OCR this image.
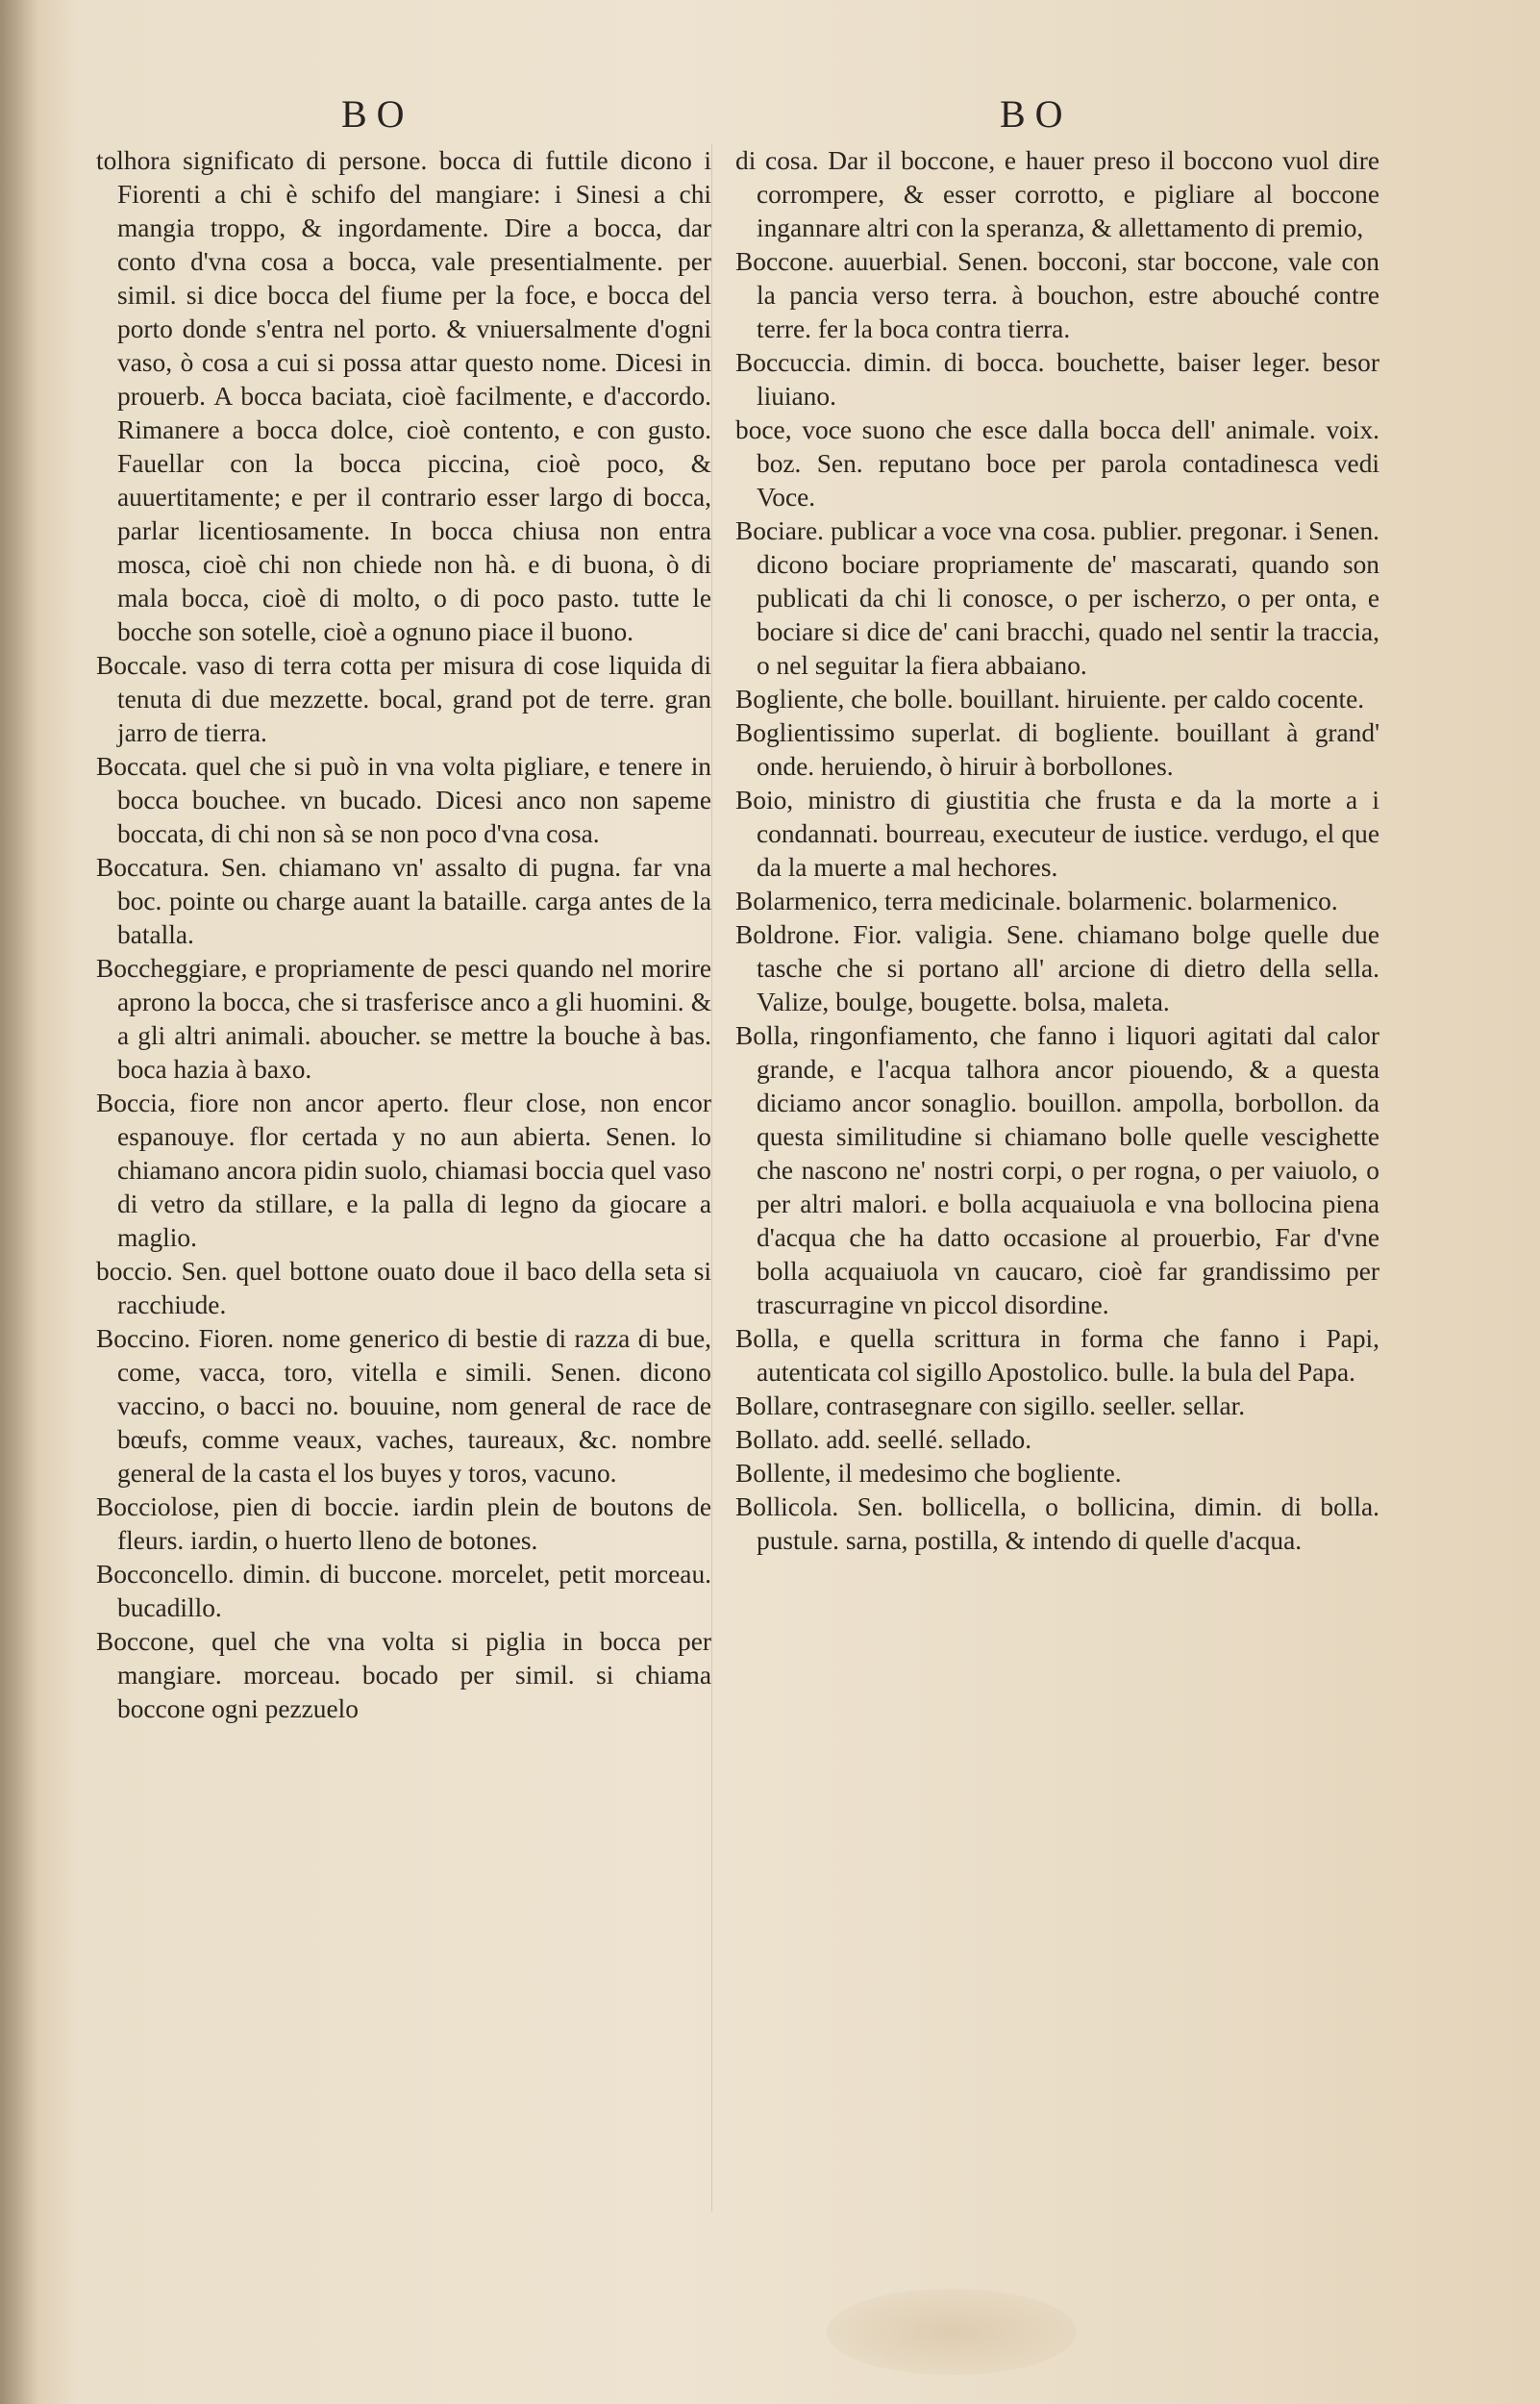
BO	BO

tolhora significato di persone. bocca di futtile dicono i Fiorenti a chi è schifo del mangiare: i Sinesi a chi mangia troppo, & ingordamente. Dire a bocca, dar conto d'vna cosa a bocca, vale presentialmente. per simil. si dice bocca del fiume per la foce, e bocca del porto donde s'entra nel porto. & vniuersalmente d'ogni vaso, ò cosa a cui si possa attar questo nome. Dicesi in prouerb. A bocca baciata, cioè facilmente, e d'accordo. Rimanere a bocca dolce, cioè contento, e con gusto. Fauellar con la bocca piccina, cioè poco, & auuertitamente; e per il contrario esser largo di bocca, parlar licentiosamente. In bocca chiusa non entra mosca, cioè chi non chiede non hà. e di buona, ò di mala bocca, cioè di molto, o di poco pasto. tutte le bocche son sotelle, cioè a ognuno piace il buono.

Boccale. vaso di terra cotta per misura di cose liquida di tenuta di due mezzette. bocal, grand pot de terre. gran jarro de tierra.

Boccata. quel che si può in vna volta pigliare, e tenere in bocca bouchee. vn bucado. Dicesi anco non sapeme boccata, di chi non sà se non poco d'vna cosa.

Boccatura. Sen. chiamano vn' assalto di pugna. far vna boc. pointe ou charge auant la bataille. carga antes de la batalla.

Boccheggiare, e propriamente de pesci quando nel morire aprono la bocca, che si trasferisce anco a gli huomini. & a gli altri animali. aboucher. se mettre la bouche à bas. boca hazia à baxo.

Boccia, fiore non ancor aperto. fleur close, non encor espanouye. flor certada y no aun abierta. Senen. lo chiamano ancora pidin suolo, chiamasi boccia quel vaso di vetro da stillare, e la palla di legno da giocare a maglio.

boccio. Sen. quel bottone ouato doue il baco della seta si racchiude.

Boccino. Fioren. nome generico di bestie di razza di bue, come, vacca, toro, vitella e simili. Senen. dicono vaccino, o bacci no. bouuine, nom general de race de bœufs, comme veaux, vaches, taureaux, &c. nombre general de la casta el los buyes y toros, vacuno.

Bocciolose, pien di boccie. iardin plein de boutons de fleurs. iardin, o huerto lleno de botones.

Bocconcello. dimin. di buccone. morcelet, petit morceau. bucadillo.

Boccone, quel che vna volta si piglia in bocca per mangiare. morceau. bocado per simil. si chiama boccone ogni pezzuelo

di cosa. Dar il boccone, e hauer preso il boccono vuol dire corrompere, & esser corrotto, e pigliare al boccone ingannare altri con la speranza, & allettamento di premio,

Boccone. auuerbial. Senen. bocconi, star boccone, vale con la pancia verso terra. à bouchon, estre abouché contre terre. fer la boca contra tierra.

Boccuccia. dimin. di bocca. bouchette, baiser leger. besor liuiano.

boce, voce suono che esce dalla bocca dell' animale. voix. boz. Sen. reputano boce per parola contadinesca vedi Voce.

Bociare. publicar a voce vna cosa. publier. pregonar. i Senen. dicono bociare propriamente de' mascarati, quando son publicati da chi li conosce, o per ischerzo, o per onta, e bociare si dice de' cani bracchi, quado nel sentir la traccia, o nel seguitar la fiera abbaiano.

Bogliente, che bolle. bouillant. hiruiente. per caldo cocente.

Boglientissimo superlat. di bogliente. bouillant à grand' onde. heruiendo, ò hiruir à borbollones.

Boio, ministro di giustitia che frusta e da la morte a i condannati. bourreau, executeur de iustice. verdugo, el que da la muerte a mal hechores.

Bolarmenico, terra medicinale. bolarmenic. bolarmenico.

Boldrone. Fior. valigia. Sene. chiamano bolge quelle due tasche che si portano all' arcione di dietro della sella. Valize, boulge, bougette. bolsa, maleta.

Bolla, ringonfiamento, che fanno i liquori agitati dal calor grande, e l'acqua talhora ancor piouendo, & a questa diciamo ancor sonaglio. bouillon. ampolla, borbollon. da questa similitudine si chiamano bolle quelle vescighette che nascono ne' nostri corpi, o per rogna, o per vaiuolo, o per altri malori. e bolla acquaiuola e vna bollocina piena d'acqua che ha datto occasione al prouerbio, Far d'vne bolla acquaiuola vn caucaro, cioè far grandissimo per trascurragine vn piccol disordine.

Bolla, e quella scrittura in forma che fanno i Papi, autenticata col sigillo Apostolico. bulle. la bula del Papa.

Bollare, contrasegnare con sigillo. seeller. sellar.

Bollato. add. seellé. sellado.

Bollente, il medesimo che bogliente.

Bollicola. Sen. bollicella, o bollicina, dimin. di bolla. pustule. sarna, postilla, & intendo di quelle d'acqua.
